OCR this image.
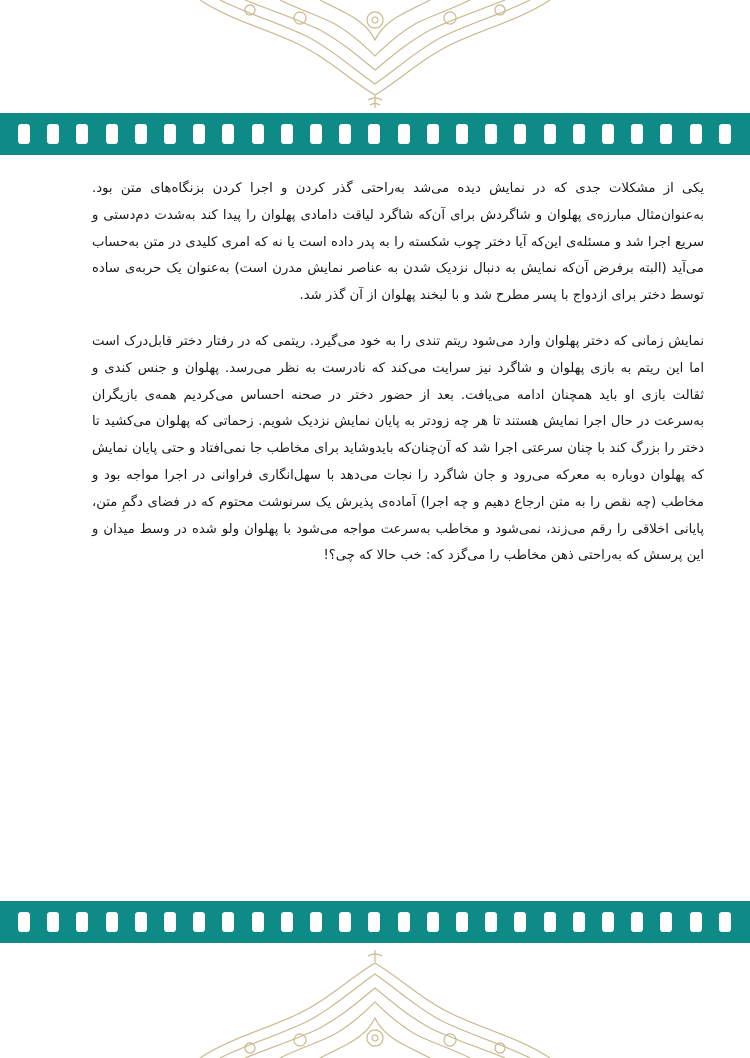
یکی از مشکلات جدی که در نمایش دیده می‌شد به‌راحتی گذر کردن و اجرا کردن بزنگاه‌های متن بود. به‌عنوان‌مثال مبارزه‌ی پهلوان و شاگردش برای آن‌که شاگرد لیاقت دامادی پهلوان را پیدا کند به‌شدت دم‌دستی و سریع اجرا شد و مسئله‌ی این‌که آیا دختر چوب شکسته را به پدر داده است یا نه که امری کلیدی در متن به‌حساب می‌آید (البته برفرض آن‌که نمایش به دنبال نزدیک شدن به عناصر نمایش مدرن است) به‌عنوان یک حربه‌ی ساده توسط دختر برای ازدواج با پسر مطرح شد و با لبخند پهلوان از آن گذر شد.

نمایش زمانی که دختر پهلوان وارد می‌شود ریتم تندی را به خود می‌گیرد. ریتمی که در رفتار دختر قابل‌درک است اما این ریتم به بازی پهلوان و شاگرد نیز سرایت می‌کند که نادرست به نظر می‌رسد. پهلوان و جنس کندی و ثقالت بازی او باید همچنان ادامه می‌یافت. بعد از حضور دختر در صحنه احساس می‌کردیم همه‌ی بازیگران به‌سرعت در حال اجرا نمایش هستند تا هر چه زودتر به پایان نمایش نزدیک شویم. زحماتی که پهلوان می‌کشید تا دختر را بزرگ کند با چنان سرعتی اجرا شد که آن‌چنان‌که بایدوشاید برای مخاطب جا نمی‌افتاد و حتی پایان نمایش که پهلوان دوباره به معرکه می‌رود و جان شاگرد را نجات می‌دهد با سهل‌انگاری فراوانی در اجرا مواجه بود و مخاطب (چه نقص را به متن ارجاع دهیم و چه اجرا) آماده‌ی پذیرش یک سرنوشت محتوم که در فضای دگمِ متن، پایانی اخلاقی را رقم می‌زند، نمی‌شود و مخاطب به‌سرعت مواجه می‌شود با پهلوان ولو شده در وسط میدان و این پرسش که به‌راحتی ذهن مخاطب را می‌گزد که: خب حالا که چی؟!
